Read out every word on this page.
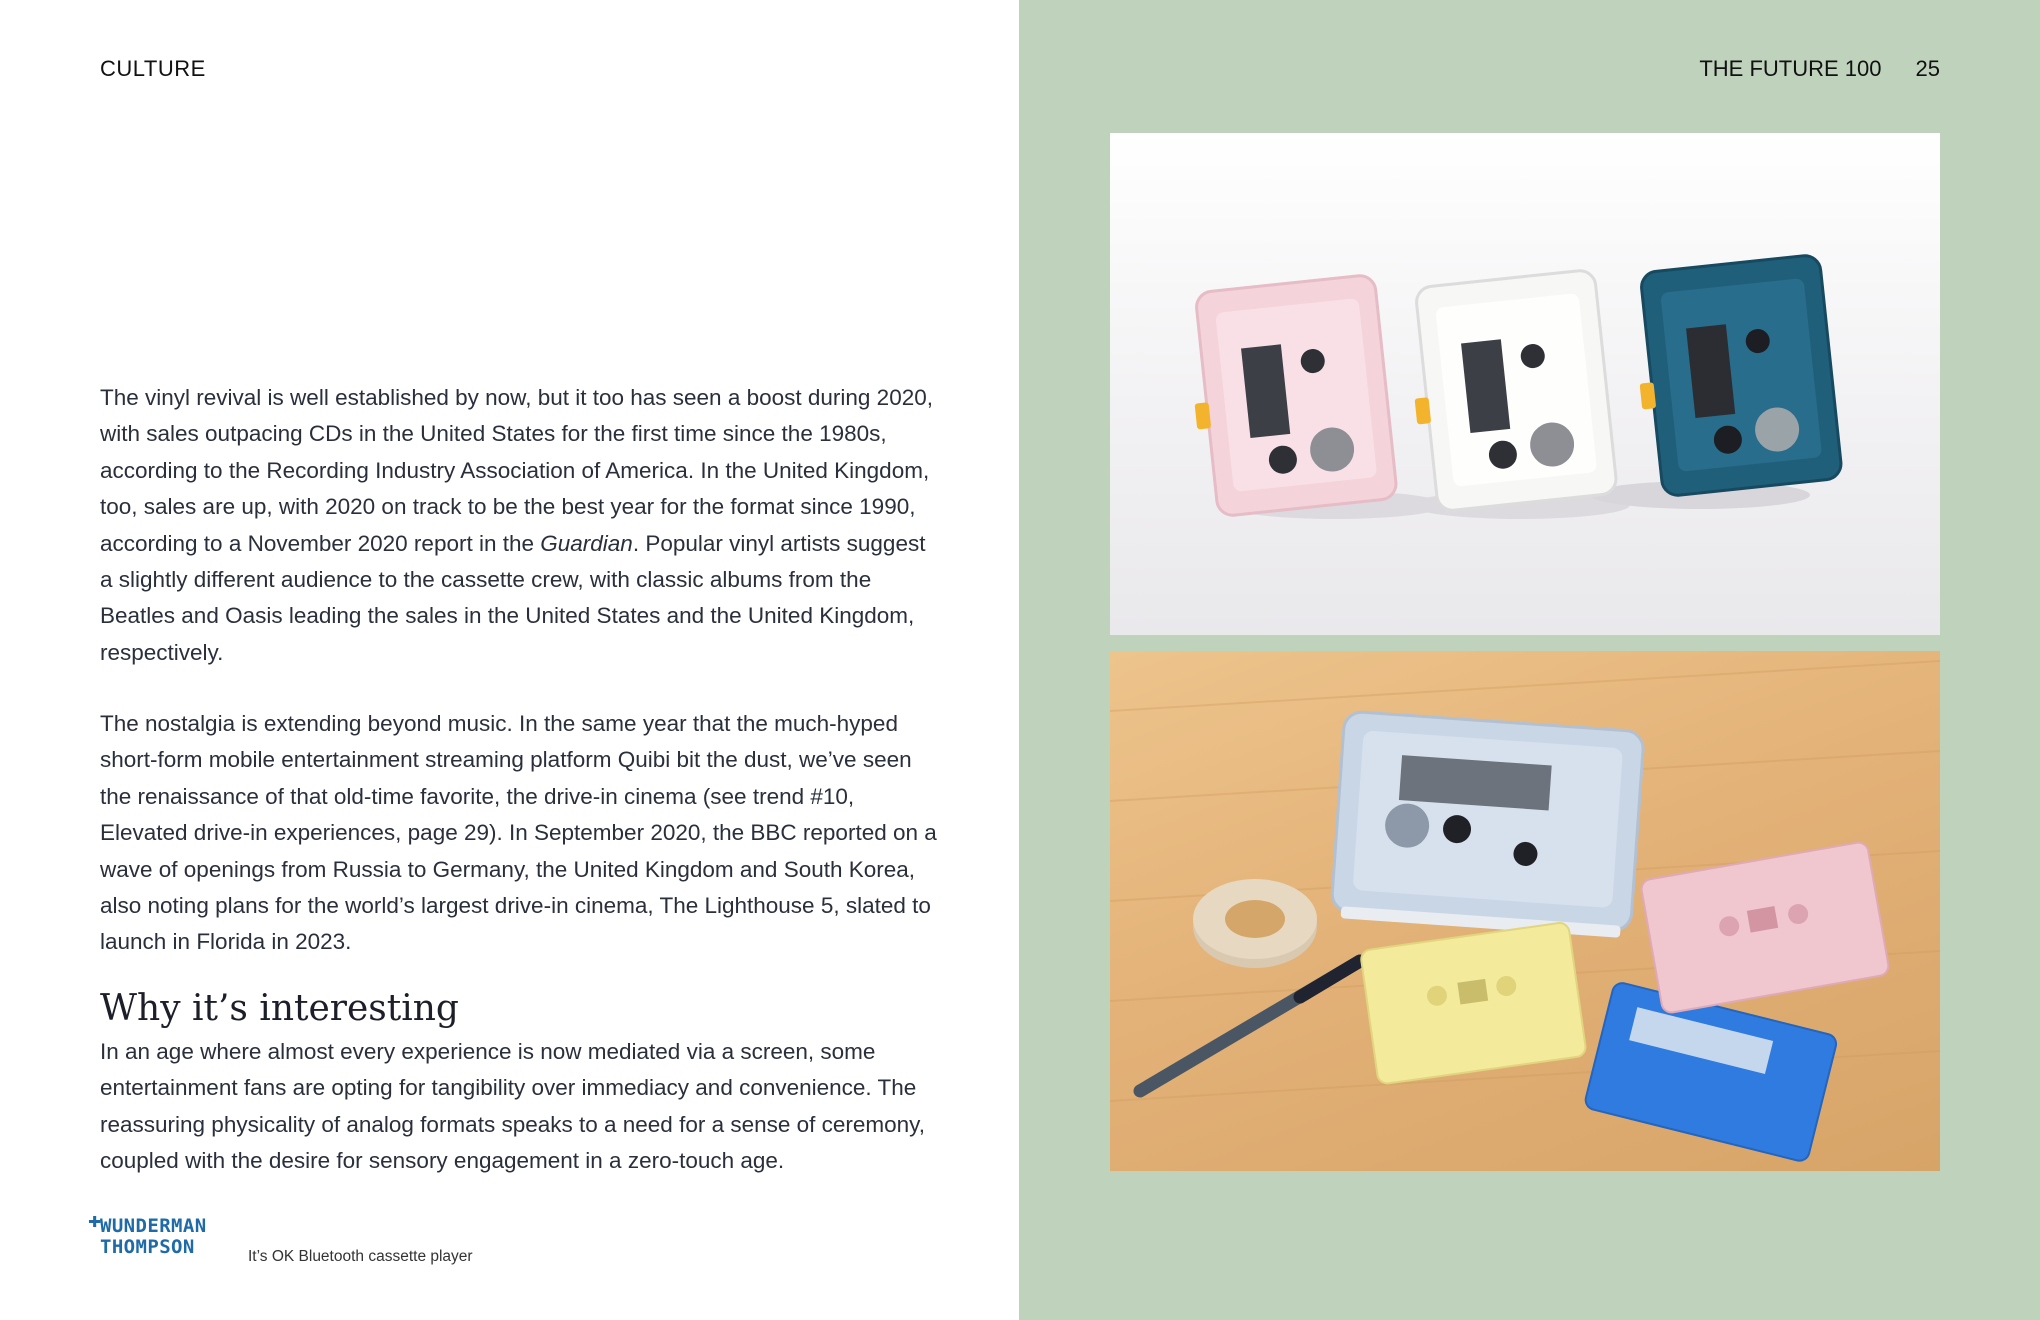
CULTURE	THE FUTURE 100 25

The vinyl revival is well established by now, but it too has seen a boost during 2020, with sales outpacing CDs in the United States for the first time since the 1980s, according to the Recording Industry Association of America. In the United Kingdom, too, sales are up, with 2020 on track to be the best year for the format since 1990, according to a November 2020 report in the Guardian. Popular vinyl artists suggest a slightly different audience to the cassette crew, with classic albums from the Beatles and Oasis leading the sales in the United States and the United Kingdom, respectively.

The nostalgia is extending beyond music. In the same year that the much-hyped short-form mobile entertainment streaming platform Quibi bit the dust, we’ve seen the renaissance of that old-time favorite, the drive-in cinema (see trend #10, Elevated drive-in experiences, page 29). In September 2020, the BBC reported on a wave of openings from Russia to Germany, the United Kingdom and South Korea, also noting plans for the world’s largest drive-in cinema, The Lighthouse 5, slated to launch in Florida in 2023.

Why it’s interesting

In an age where almost every experience is now mediated via a screen, some entertainment fans are opting for tangibility over immediacy and convenience. The reassuring physicality of analog formats speaks to a need for a sense of ceremony, coupled with the desire for sensory engagement in a zero-touch age.

✚
WUNDERMAN
THOMPSON	It’s OK Bluetooth cassette player
